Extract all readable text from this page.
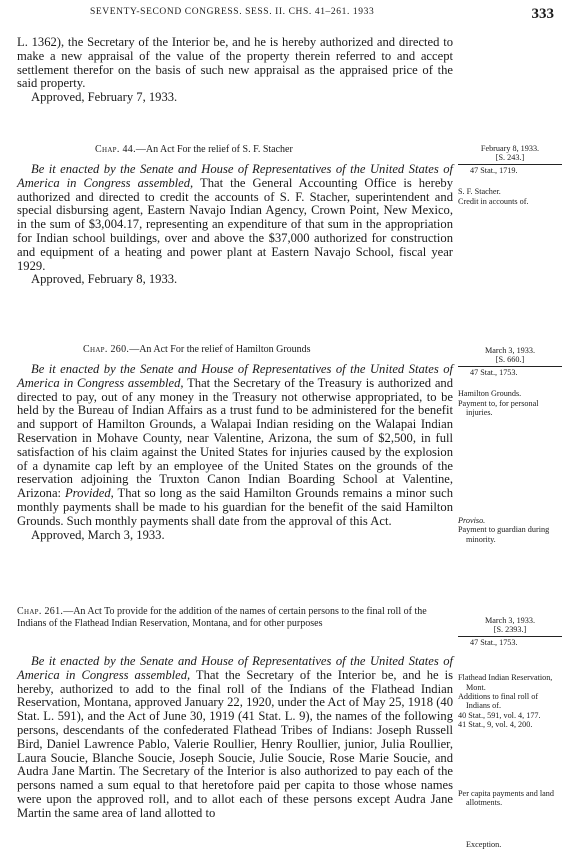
SEVENTY-SECOND CONGRESS. SESS. II. CHS. 41–261. 1933	333

L. 1362), the Secretary of the Interior be, and he is hereby authorized and directed to make a new appraisal of the value of the property therein referred to and accept settlement therefor on the basis of such new appraisal as the appraised price of the said property.

Approved, February 7, 1933.

Chap. 44.—An Act For the relief of S. F. Stacher

Be it enacted by the Senate and House of Representatives of the United States of America in Congress assembled, That the General Accounting Office is hereby authorized and directed to credit the accounts of S. F. Stacher, superintendent and special disbursing agent, Eastern Navajo Indian Agency, Crown Point, New Mexico, in the sum of $3,004.17, representing an expenditure of that sum in the appropriation for Indian school buildings, over and above the $37,000 authorized for construction and equipment of a heating and power plant at Eastern Navajo School, fiscal year 1929.

Approved, February 8, 1933.

February 8, 1933.
[S. 243.]
47 Stat., 1719.

S. F. Stacher.

Credit in accounts of.

Chap. 260.—An Act For the relief of Hamilton Grounds

Be it enacted by the Senate and House of Representatives of the United States of America in Congress assembled, That the Secretary of the Treasury is authorized and directed to pay, out of any money in the Treasury not otherwise appropriated, to be held by the Bureau of Indian Affairs as a trust fund to be administered for the benefit and support of Hamilton Grounds, a Walapai Indian residing on the Walapai Indian Reservation in Mohave County, near Valentine, Arizona, the sum of $2,500, in full satisfaction of his claim against the United States for injuries caused by the explosion of a dynamite cap left by an employee of the United States on the grounds of the reservation adjoining the Truxton Canon Indian Boarding School at Valentine, Arizona: Provided, That so long as the said Hamilton Grounds remains a minor such monthly payments shall be made to his guardian for the benefit of the said Hamilton Grounds. Such monthly payments shall date from the approval of this Act.

Approved, March 3, 1933.

March 3, 1933.
[S. 660.]
47 Stat., 1753.

Hamilton Grounds.

Payment to, for personal injuries.

Proviso.

Payment to guardian during minority.

Chap. 261.—An Act To provide for the addition of the names of certain persons to the final roll of the Indians of the Flathead Indian Reservation, Montana, and for other purposes

Be it enacted by the Senate and House of Representatives of the United States of America in Congress assembled, That the Secretary of the Interior be, and he is hereby, authorized to add to the final roll of the Indians of the Flathead Indian Reservation, Montana, approved January 22, 1920, under the Act of May 25, 1918 (40 Stat. L. 591), and the Act of June 30, 1919 (41 Stat. L. 9), the names of the following persons, descendants of the confederated Flathead Tribes of Indians: Joseph Russell Bird, Daniel Lawrence Pablo, Valerie Roullier, Henry Roullier, junior, Julia Roullier, Laura Soucie, Blanche Soucie, Joseph Soucie, Julie Soucie, Rose Marie Soucie, and Audra Jane Martin. The Secretary of the Interior is also authorized to pay each of the persons named a sum equal to that heretofore paid per capita to those whose names were upon the approved roll, and to allot each of these persons except Audra Jane Martin the same area of land allotted to

March 3, 1933.
[S. 2393.]
47 Stat., 1753.

Flathead Indian Reservation, Mont.

Additions to final roll of Indians of.

40 Stat., 591, vol. 4, 177.

41 Stat., 9, vol. 4, 200.

Per capita payments and land allotments.

Exception.
